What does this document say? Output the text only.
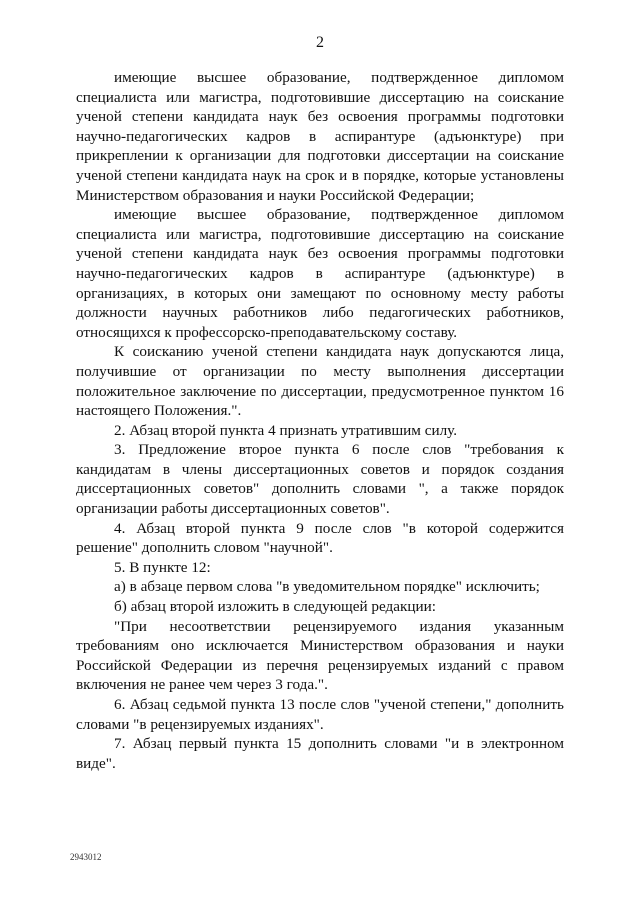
2

имеющие высшее образование, подтвержденное дипломом специалиста или магистра, подготовившие диссертацию на соискание ученой степени кандидата наук без освоения программы подготовки научно-педагогических кадров в аспирантуре (адъюнктуре) при прикреплении к организации для подготовки диссертации на соискание ученой степени кандидата наук на срок и в порядке, которые установлены Министерством образования и науки Российской Федерации;

имеющие высшее образование, подтвержденное дипломом специалиста или магистра, подготовившие диссертацию на соискание ученой степени кандидата наук без освоения программы подготовки научно-педагогических кадров в аспирантуре (адъюнктуре) в организациях, в которых они замещают по основному месту работы должности научных работников либо педагогических работников, относящихся к профессорско-преподавательскому составу.

К соисканию ученой степени кандидата наук допускаются лица, получившие от организации по месту выполнения диссертации положительное заключение по диссертации, предусмотренное пунктом 16 настоящего Положения.".

2. Абзац второй пункта 4 признать утратившим силу.

3. Предложение второе пункта 6 после слов "требования к кандидатам в члены диссертационных советов и порядок создания диссертационных советов" дополнить словами ", а также порядок организации работы диссертационных советов".

4. Абзац второй пункта 9 после слов "в которой содержится решение" дополнить словом "научной".

5. В пункте 12:

а) в абзаце первом слова "в уведомительном порядке" исключить;

б) абзац второй изложить в следующей редакции:

"При несоответствии рецензируемого издания указанным требованиям оно исключается Министерством образования и науки Российской Федерации из перечня рецензируемых изданий с правом включения не ранее чем через 3 года.".

6. Абзац седьмой пункта 13 после слов "ученой степени," дополнить словами "в рецензируемых изданиях".

7. Абзац первый пункта 15 дополнить словами "и в электронном виде".

2943012
